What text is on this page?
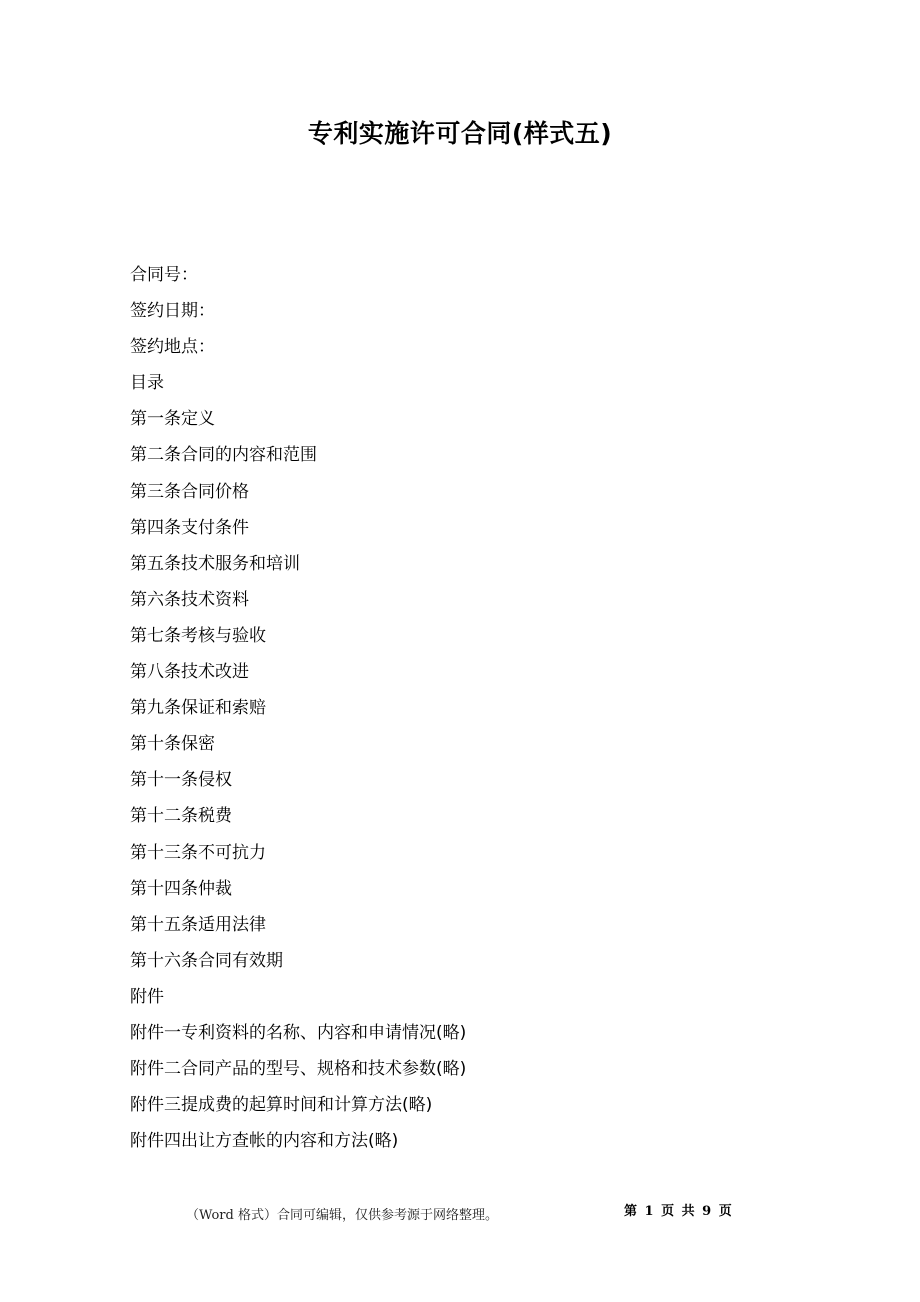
专利实施许可合同(样式五)
合同号：
签约日期：
签约地点：
目录
第一条定义
第二条合同的内容和范围
第三条合同价格
第四条支付条件
第五条技术服务和培训
第六条技术资料
第七条考核与验收
第八条技术改进
第九条保证和索赔
第十条保密
第十一条侵权
第十二条税费
第十三条不可抗力
第十四条仲裁
第十五条适用法律
第十六条合同有效期
附件
附件一专利资料的名称、内容和申请情况(略)
附件二合同产品的型号、规格和技术参数(略)
附件三提成费的起算时间和计算方法(略)
附件四出让方查帐的内容和方法(略)
（Word 格式）合同可编辑，仅供参考源于网络整理。	第 1 页 共 9 页
